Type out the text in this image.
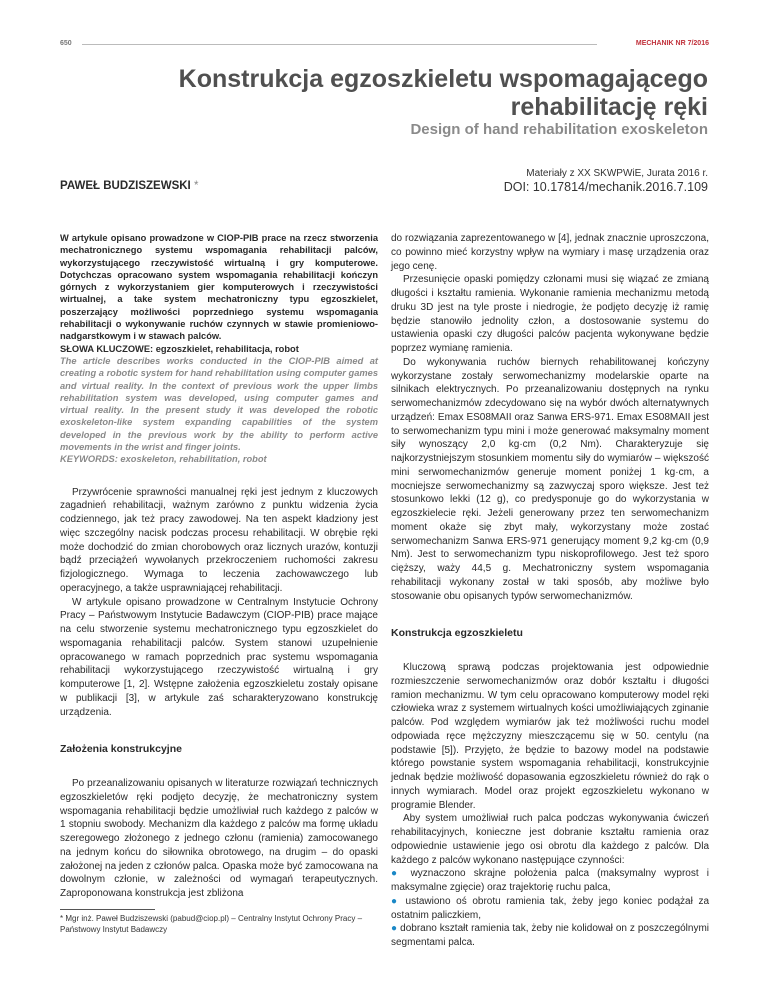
650	MECHANIK NR 7/2016
Konstrukcja egzoszkieletu wspomagającego rehabilitację ręki
Design of hand rehabilitation exoskeleton
Materiały z XX SKWPWiE, Jurata 2016 r.
DOI: 10.17814/mechanik.2016.7.109
PAWEŁ BUDZISZEWSKI *

W artykule opisano prowadzone w CIOP-PIB prace na rzecz stworzenia mechatronicznego systemu wspomagania rehabilitacji palców, wykorzystującego rzeczywistość wirtualną i gry komputerowe. Dotychczas opracowano system wspomagania rehabilitacji kończyn górnych z wykorzystaniem gier komputerowych i rzeczywistości wirtualnej, a take system mechatroniczny typu egzoszkielet, poszerzający możliwości poprzedniego systemu wspomagania rehabilitacji o wykonywanie ruchów czynnych w stawie promieniowo-nadgarstkowym i w stawach palców.

SŁOWA KLUCZOWE: egzoszkielet, rehabilitacja, robot

The article describes works conducted in the CIOP-PIB aimed at creating a robotic system for hand rehabilitation using computer games and virtual reality. In the context of previous work the upper limbs rehabilitation system was developed, using computer games and virtual reality. In the present study it was developed the robotic exoskeleton-like system expanding capabilities of the system developed in the previous work by the ability to perform active movements in the wrist and finger joints.

KEYWORDS: exoskeleton, rehabilitation, robot

Przywrócenie sprawności manualnej ręki jest jednym z kluczowych zagadnień rehabilitacji, ważnym zarówno z punktu widzenia życia codziennego, jak też pracy zawodowej. Na ten aspekt kładziony jest więc szczególny nacisk podczas procesu rehabilitacji. W obrębie ręki może dochodzić do zmian chorobowych oraz licznych urazów, kontuzji bądź przeciążeń wywołanych przekroczeniem ruchomości zakresu fizjologicznego. Wymaga to leczenia zachowawczego lub operacyjnego, a także usprawniającej rehabilitacji.

W artykule opisano prowadzone w Centralnym Instytucie Ochrony Pracy – Państwowym Instytucie Badawczym (CIOP-PIB) prace mające na celu stworzenie systemu mechatronicznego typu egzoszkielet do wspomagania rehabilitacji palców. System stanowi uzupełnienie opracowanego w ramach poprzednich prac systemu wspomagania rehabilitacji wykorzystującego rzeczywistość wirtualną i gry komputerowe [1, 2]. Wstępne założenia egzoszkieletu zostały opisane w publikacji [3], w artykule zaś scharakteryzowano konstrukcję urządzenia.

Założenia konstrukcyjne

Po przeanalizowaniu opisanych w literaturze rozwiązań technicznych egzoszkieletów ręki podjęto decyzję, że mechatroniczny system wspomagania rehabilitacji będzie umożliwiał ruch każdego z palców w 1 stopniu swobody. Mechanizm dla każdego z palców ma formę układu szeregowego złożonego z jednego członu (ramienia) zamocowanego na jednym końcu do siłownika obrotowego, na drugim – do opaski założonej na jeden z członów palca. Opaska może być zamocowana na dowolnym członie, w zależności od wymagań terapeutycznych. Zaproponowana konstrukcja jest zbliżona

* Mgr inż. Paweł Budziszewski (pabud@ciop.pl) – Centralny Instytut Ochrony Pracy – Państwowy Instytut Badawczy

do rozwiązania zaprezentowanego w [4], jednak znacznie uproszczona, co powinno mieć korzystny wpływ na wymiary i masę urządzenia oraz jego cenę.

Przesunięcie opaski pomiędzy członami musi się wiązać ze zmianą długości i kształtu ramienia. Wykonanie ramienia mechanizmu metodą druku 3D jest na tyle proste i niedrogie, że podjęto decyzję iż ramię będzie stanowiło jednolity człon, a dostosowanie systemu do ustawienia opaski czy długości palców pacjenta wykonywane będzie poprzez wymianę ramienia.

Do wykonywania ruchów biernych rehabilitowanej kończyny wykorzystane zostały serwomechanizmy modelarskie oparte na silnikach elektrycznych. Po przeanalizowaniu dostępnych na rynku serwomechanizmów zdecydowano się na wybór dwóch alternatywnych urządzeń: Emax ES08MAII oraz Sanwa ERS-971. Emax ES08MAII jest to serwomechanizm typu mini i może generować maksymalny moment siły wynoszący 2,0 kg·cm (0,2 Nm). Charakteryzuje się najkorzystniejszym stosunkiem momentu siły do wymiarów – większość mini serwomechanizmów generuje moment poniżej 1 kg·cm, a mocniejsze serwomechanizmy są zazwyczaj sporo większe. Jest też stosunkowo lekki (12 g), co predysponuje go do wykorzystania w egzoszkielecie ręki. Jeżeli generowany przez ten serwomechanizm moment okaże się zbyt mały, wykorzystany może zostać serwomechanizm Sanwa ERS-971 generujący moment 9,2 kg·cm (0,9 Nm). Jest to serwomechanizm typu niskoprofilowego. Jest też sporo cięższy, waży 44,5 g. Mechatroniczny system wspomagania rehabilitacji wykonany został w taki sposób, aby możliwe było stosowanie obu opisanych typów serwomechanizmów.

Konstrukcja egzoszkieletu

Kluczową sprawą podczas projektowania jest odpowiednie rozmieszczenie serwomechanizmów oraz dobór kształtu i długości ramion mechanizmu. W tym celu opracowano komputerowy model ręki człowieka wraz z systemem wirtualnych kości umożliwiających zginanie palców. Pod względem wymiarów jak też możliwości ruchu model odpowiada ręce mężczyzny mieszczącemu się w 50. centylu (na podstawie [5]). Przyjęto, że będzie to bazowy model na podstawie którego powstanie system wspomagania rehabilitacji, konstrukcyjnie jednak będzie możliwość dopasowania egzoszkieletu również do rąk o innych wymiarach. Model oraz projekt egzoszkieletu wykonano w programie Blender.

Aby system umożliwiał ruch palca podczas wykonywania ćwiczeń rehabilitacyjnych, konieczne jest dobranie kształtu ramienia oraz odpowiednie ustawienie jego osi obrotu dla każdego z palców. Dla każdego z palców wykonano następujące czynności:

● wyznaczono skrajne położenia palca (maksymalny wyprost i maksymalne zgięcie) oraz trajektorię ruchu palca,

● ustawiono oś obrotu ramienia tak, żeby jego koniec podążał za ostatnim paliczkiem,

● dobrano kształt ramienia tak, żeby nie kolidował on z poszczególnymi segmentami palca.
